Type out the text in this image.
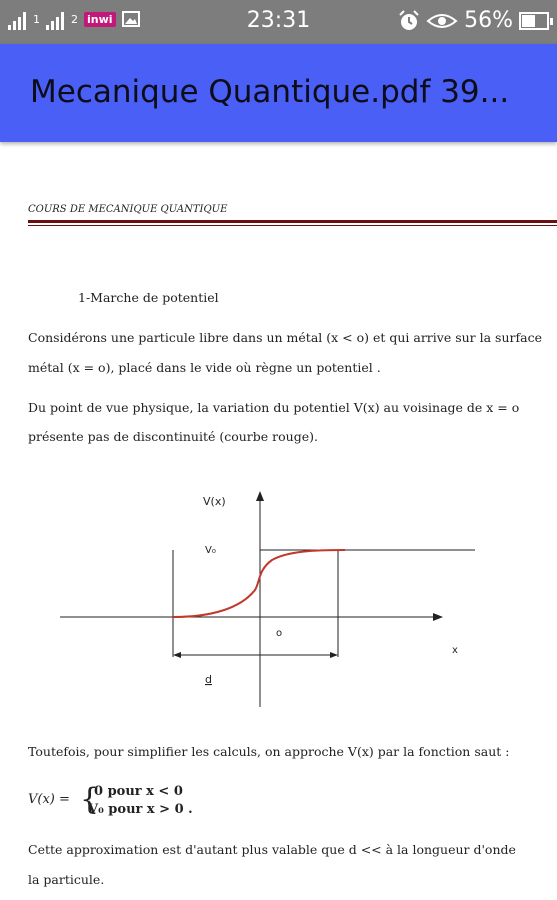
1	2 inwi	23:31	56%
Mecanique Quantique.pdf 39...
COURS DE MECANIQUE QUANTIQUE
1-Marche de potentiel
Considérons une particule libre dans un métal (x < o) et qui arrive sur la surface
métal (x = o), placé dans le vide où règne un potentiel .
Du point de vue physique, la variation du potentiel V(x) au voisinage de x = o
présente pas de discontinuité (courbe rouge).
V(x)
V₀
o
x
d
Toutefois, pour simplifier les calculs, on approche V(x) par la fonction saut :
V(x) = {
0 pour x < 0
V₀ pour x > 0 .
Cette approximation est d'autant plus valable que d << à la longueur d'onde
la particule.
